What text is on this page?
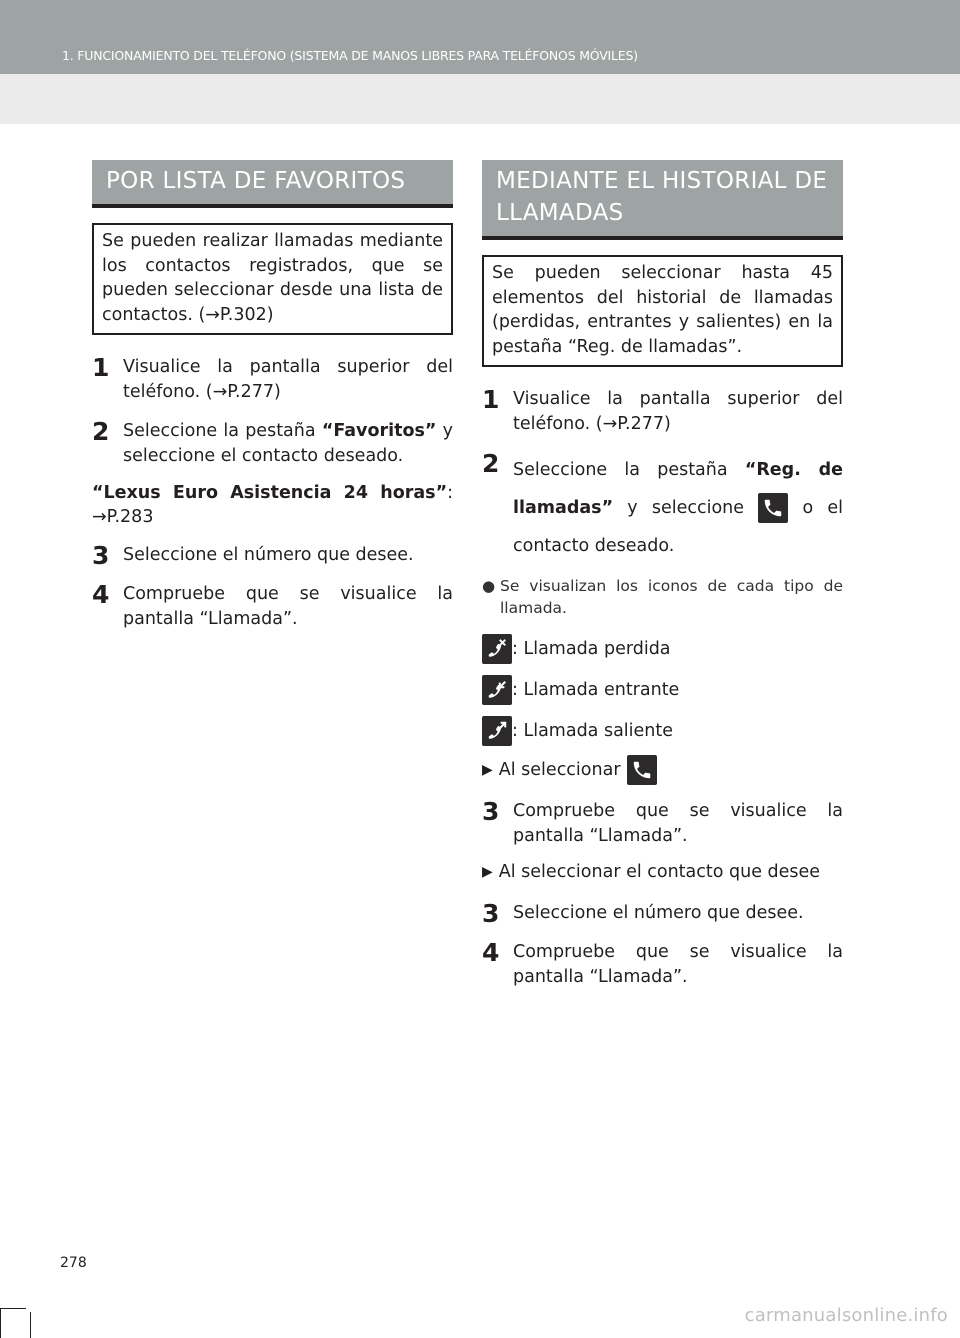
1. FUNCIONAMIENTO DEL TELÉFONO (SISTEMA DE MANOS LIBRES PARA TELÉFONOS MÓVILES)
POR LISTA DE FAVORITOS
Se pueden realizar llamadas mediante los contactos registrados, que se pueden seleccionar desde una lista de contactos. (→P.302)
1 Visualice la pantalla superior del teléfono. (→P.277)
2 Seleccione la pestaña “Favoritos” y seleccione el contacto deseado.
“Lexus Euro Asistencia 24 horas”: →P.283
3 Seleccione el número que desee.
4 Compruebe que se visualice la pantalla “Llamada”.
MEDIANTE EL HISTORIAL DE LLAMADAS
Se pueden seleccionar hasta 45 elementos del historial de llamadas (perdidas, entrantes y salientes) en la pestaña “Reg. de llamadas”.
1 Visualice la pantalla superior del teléfono. (→P.277)
2 Seleccione la pestaña “Reg. de llamadas” y seleccione	o el contacto deseado.
● Se visualizan los iconos de cada tipo de llamada.
: Llamada perdida
: Llamada entrante
: Llamada saliente
▶ Al seleccionar
3 Compruebe que se visualice la pantalla “Llamada”.
▶ Al seleccionar el contacto que desee
3 Seleccione el número que desee.
4 Compruebe que se visualice la pantalla “Llamada”.
278
carmanualsonline.info
